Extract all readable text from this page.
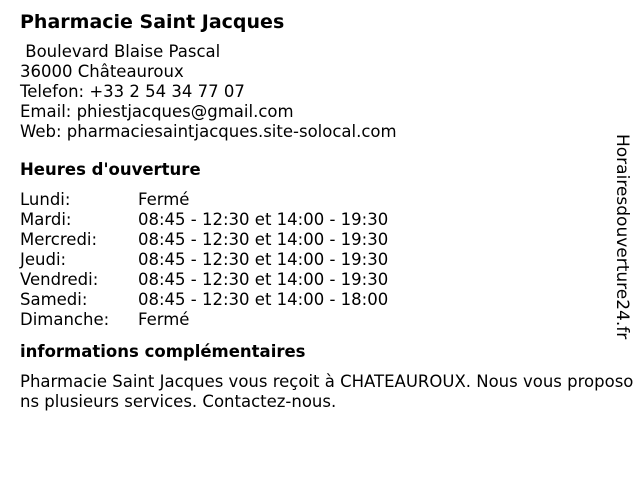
Pharmacie Saint Jacques
Boulevard Blaise Pascal
36000 Châteauroux
Telefon: +33 2 54 34 77 07
Email: phiestjacques@gmail.com
Web: pharmaciesaintjacques.site-solocal.com
Heures d'ouverture
Lundi:	Fermé
Mardi:	08:45 - 12:30 et 14:00 - 19:30
Mercredi:	08:45 - 12:30 et 14:00 - 19:30
Jeudi:	08:45 - 12:30 et 14:00 - 19:30
Vendredi:	08:45 - 12:30 et 14:00 - 19:30
Samedi:	08:45 - 12:30 et 14:00 - 18:00
Dimanche:	Fermé
informations complémentaires
Pharmacie Saint Jacques vous reçoit à CHATEAUROUX. Nous vous proposons plusieurs services. Contactez-nous.
Horairesdouverture24.fr
